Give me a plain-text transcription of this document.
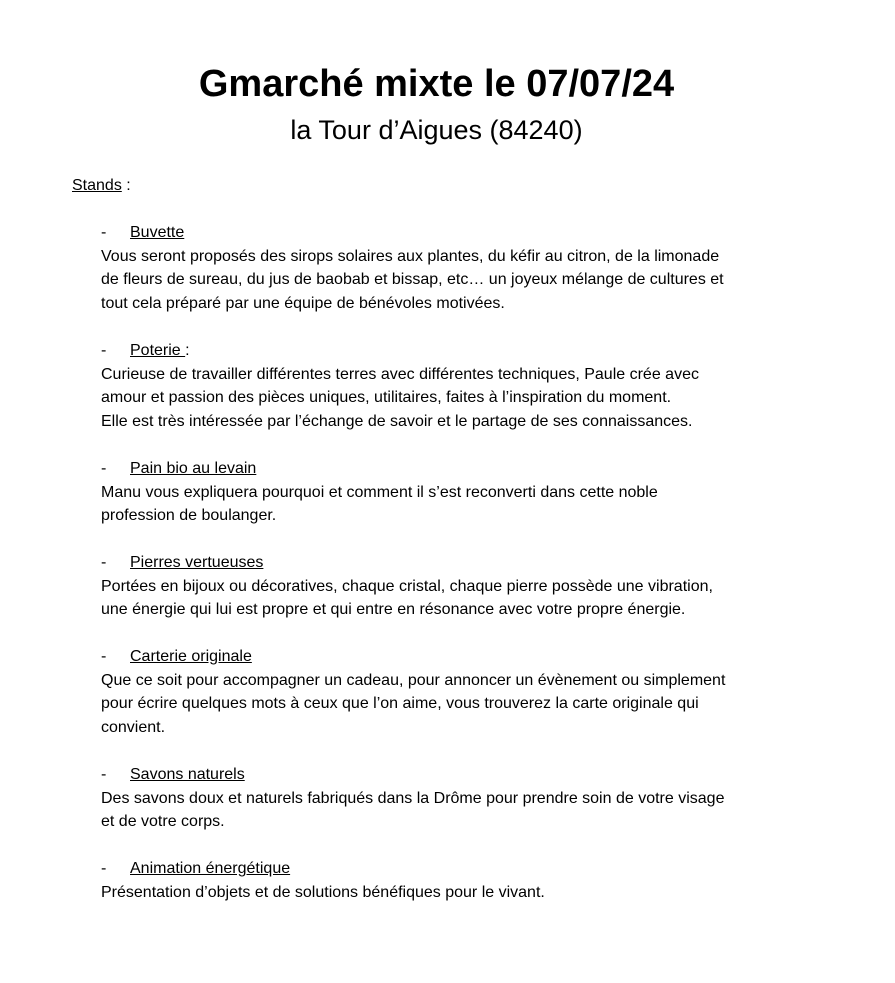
Gmarché mixte le 07/07/24
la Tour d’Aigues (84240)
Stands :
- Buvette

Vous seront proposés des sirops solaires aux plantes, du kéfir au citron, de la limonade
de fleurs de sureau, du jus de baobab et bissap, etc… un joyeux mélange de cultures et
tout cela préparé par une équipe de bénévoles motivées.

- Poterie :

Curieuse de travailler différentes terres avec différentes techniques, Paule crée avec
amour et passion des pièces uniques, utilitaires, faites à l’inspiration du moment.
Elle est très intéressée par l’échange de savoir et le partage de ses connaissances.

- Pain bio au levain

Manu vous expliquera pourquoi et comment il s’est reconverti dans cette noble
profession de boulanger.

- Pierres vertueuses

Portées en bijoux ou décoratives, chaque cristal, chaque pierre possède une vibration,
une énergie qui lui est propre et qui entre en résonance avec votre propre énergie.

- Carterie originale

Que ce soit pour accompagner un cadeau, pour annoncer un évènement ou simplement
pour écrire quelques mots à ceux que l’on aime, vous trouverez la carte originale qui
convient.

- Savons naturels

Des savons doux et naturels fabriqués dans la Drôme pour prendre soin de votre visage
et de votre corps.

- Animation énergétique

Présentation d’objets et de solutions bénéfiques pour le vivant.
